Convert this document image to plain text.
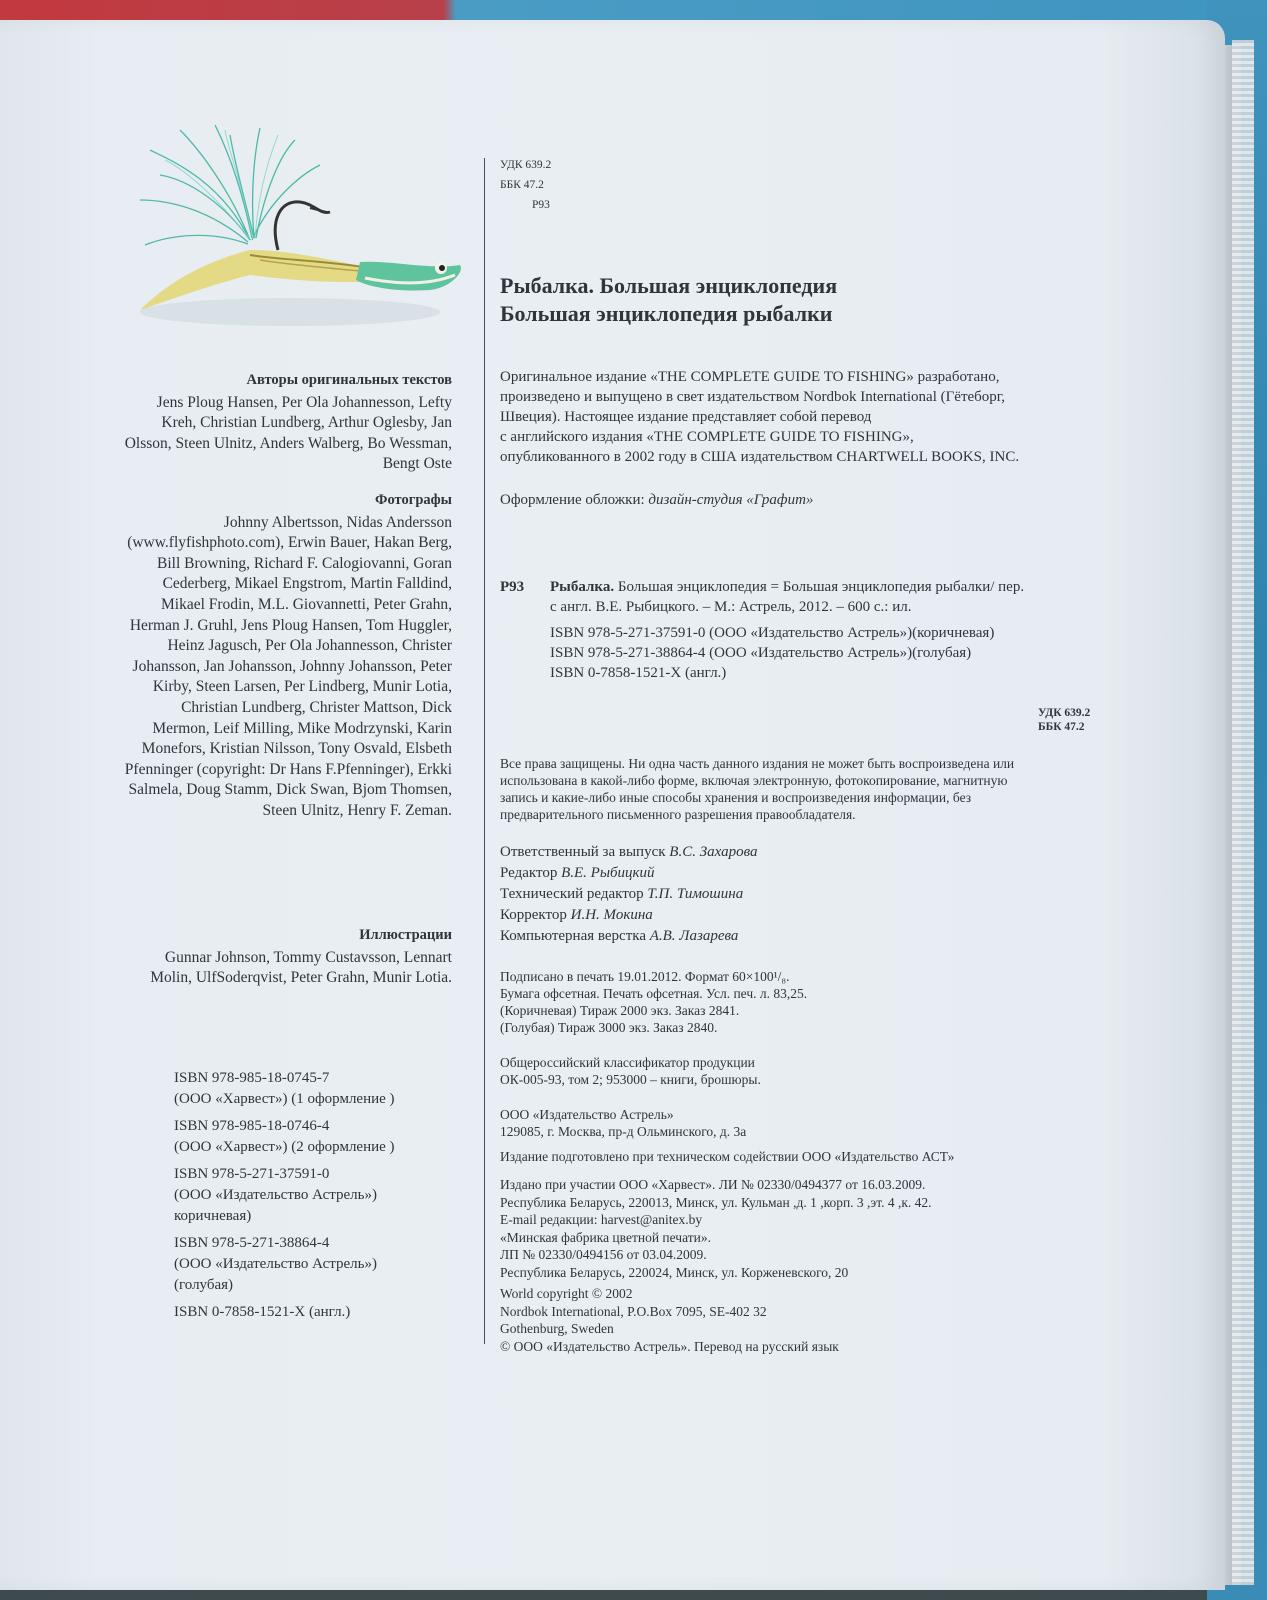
Авторы оригинальных текстов

Jens Ploug Hansen, Per Ola Johannesson, Lefty Kreh, Christian Lundberg, Arthur Oglesby, Jan Olsson, Steen Ulnitz, Anders Walberg, Bo Wessman, Bengt Oste

Фотографы

Johnny Albertsson, Nidas Andersson (www.flyfishphoto.com), Erwin Bauer, Hakan Berg, Bill Browning, Richard F. Calogiovanni, Goran Cederberg, Mikael Engstrom, Martin Falldind, Mikael Frodin, M.L. Giovannetti, Peter Grahn, Herman J. Gruhl, Jens Ploug Hansen, Tom Huggler, Heinz Jagusch, Per Ola Johannesson, Christer Johansson, Jan Johansson, Johnny Johansson, Peter Kirby, Steen Larsen, Per Lindberg, Munir Lotia, Christian Lundberg, Christer Mattson, Dick Mermon, Leif Milling, Mike Modrzynski, Karin Monefors, Kristian Nilsson, Tony Osvald, Elsbeth Pfenninger (copyright: Dr Hans F.Pfenninger), Erkki Salmela, Doug Stamm, Dick Swan, Bjom Thomsen, Steen Ulnitz, Henry F. Zeman.

Иллюстрации

Gunnar Johnson, Tommy Custavsson, Lennart Molin, UlfSoderqvist, Peter Grahn, Munir Lotia.

ISBN 978-985-18-0745-7
(ООО «Харвест») (1 оформление )
ISBN 978-985-18-0746-4
(ООО «Харвест») (2 оформление )
ISBN 978-5-271-37591-0
(ООО «Издательство Астрель»)
коричневая)
ISBN 978-5-271-38864-4
(ООО «Издательство Астрель»)
(голубая)
ISBN 0-7858-1521-X (англ.)
УДК 639.2
ББК 47.2
Р93
Рыбалка. Большая энциклопедия
Большая энциклопедия рыбалки
Оригинальное издание «THE COMPLETE GUIDE TO FISHING» разработано,
произведено и выпущено в свет издательством Nordbok International (Гётеборг,
Швеция). Настоящее издание представляет собой перевод
с английского издания «THE COMPLETE GUIDE TO FISHING»,
опубликованного в 2002 году в США издательством CHARTWELL BOOKS, INC.
Оформление обложки: дизайн-студия «Графит»
Р93 Рыбалка. Большая энциклопедия = Большая энциклопедия рыбалки/ пер.
с англ. В.Е. Рыбицкого. – М.: Астрель, 2012. – 600 с.: ил.
ISBN 978-5-271-37591-0 (ООО «Издательство Астрель»)(коричневая)
ISBN 978-5-271-38864-4 (ООО «Издательство Астрель»)(голубая)
ISBN 0-7858-1521-X (англ.)
УДК 639.2
ББК 47.2
Все права защищены. Ни одна часть данного издания не может быть воспроизведена или
использована в какой-либо форме, включая электронную, фотокопирование, магнитную
запись и какие-либо иные способы хранения и воспроизведения информации, без
предварительного письменного разрешения правообладателя.
Ответственный за выпуск В.С. Захарова
Редактор В.Е. Рыбицкий
Технический редактор Т.П. Тимошина
Корректор И.Н. Мокина
Компьютерная верстка А.В. Лазарева
Подписано в печать 19.01.2012. Формат 60×100¹/₈.
Бумага офсетная. Печать офсетная. Усл. печ. л. 83,25.
(Коричневая) Тираж 2000 экз. Заказ 2841.
(Голубая) Тираж 3000 экз. Заказ 2840.
Общероссийский классификатор продукции
ОК-005-93, том 2; 953000 – книги, брошюры.
ООО «Издательство Астрель»
129085, г. Москва, пр-д Ольминского, д. 3а
Издание подготовлено при техническом содействии ООО «Издательство АСТ»
Издано при участии ООО «Харвест». ЛИ № 02330/0494377 от 16.03.2009.
Республика Беларусь, 220013, Минск, ул. Кульман ,д. 1 ,корп. 3 ,эт. 4 ,к. 42.
E-mail редакции: harvest@anitex.by
«Минская фабрика цветной печати».
ЛП № 02330/0494156 от 03.04.2009.
Республика Беларусь, 220024, Минск, ул. Корженевского, 20
World copyright © 2002
Nordbok International, P.O.Box 7095, SE-402 32
Gothenburg, Sweden
© ООО «Издательство Астрель». Перевод на русский язык
